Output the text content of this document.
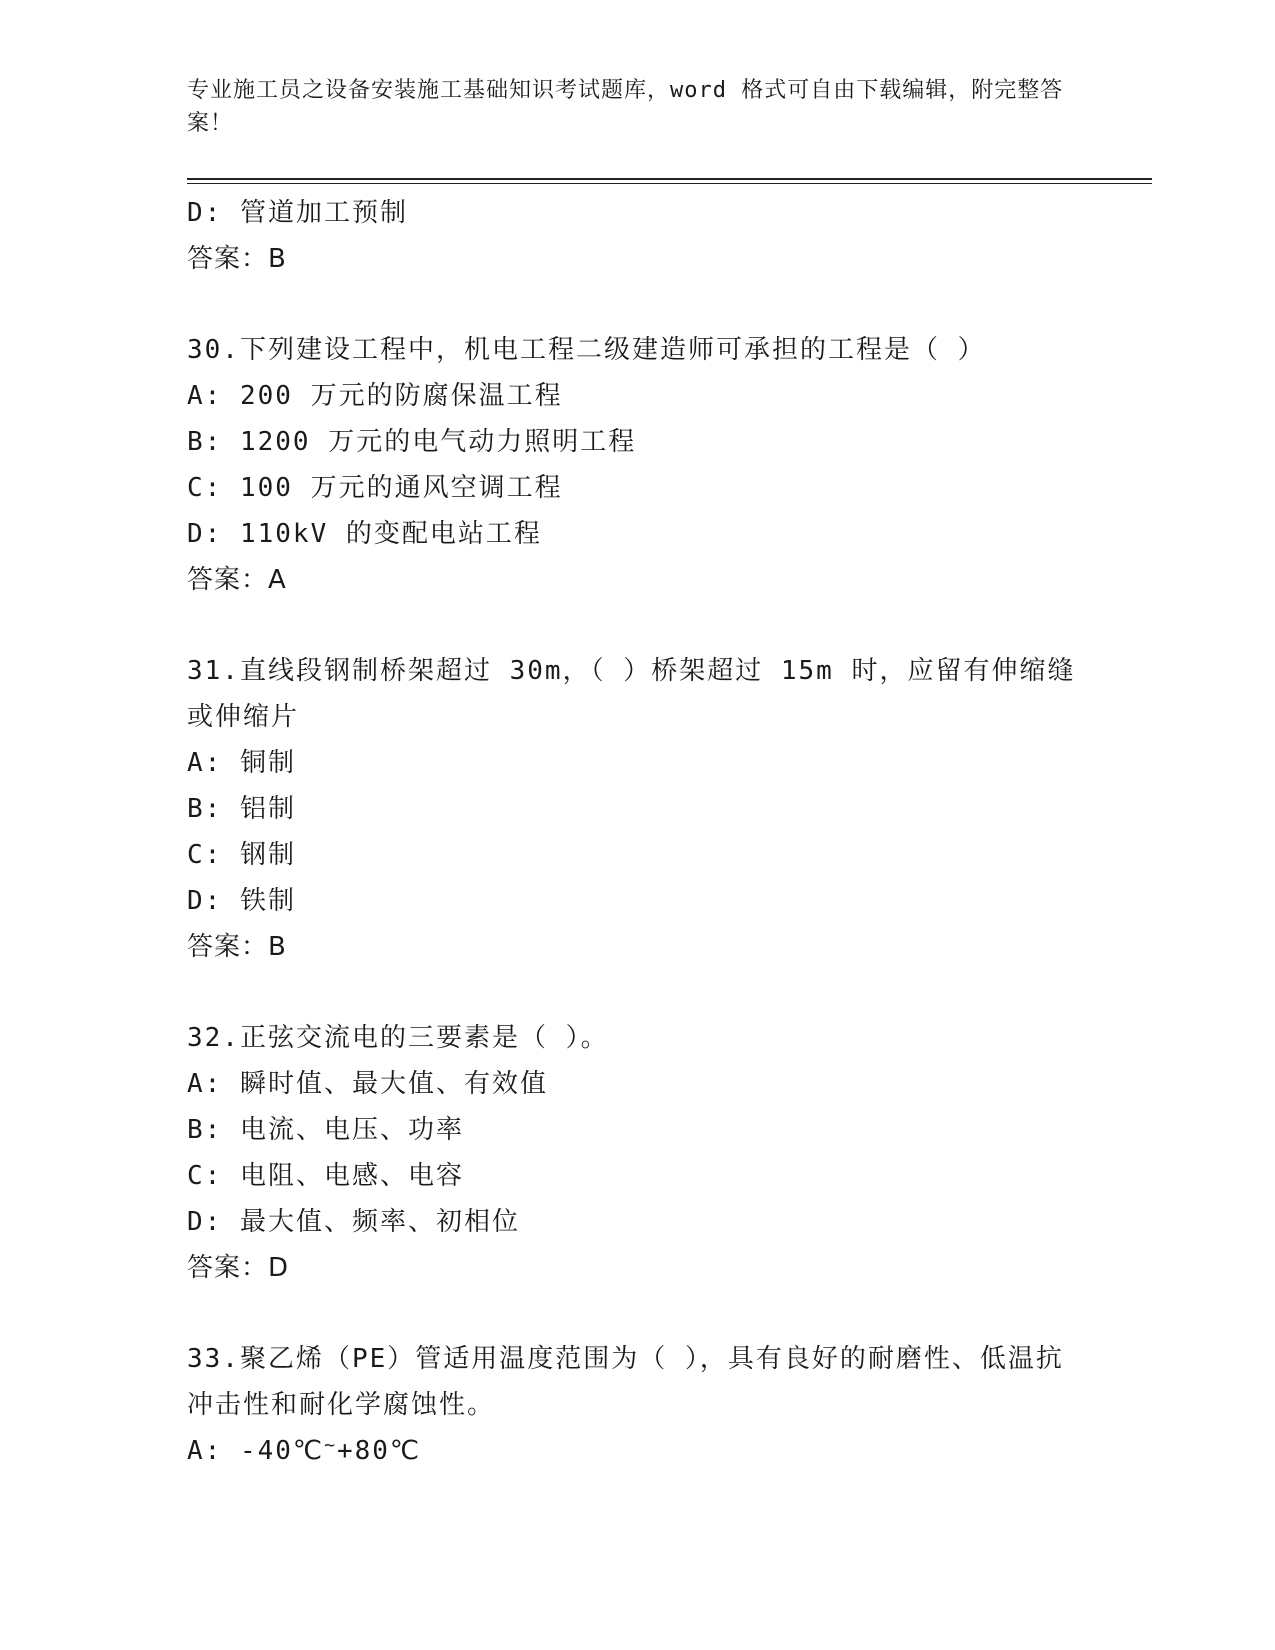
专业施工员之设备安装施工基础知识考试题库，word 格式可自由下载编辑，附完整答案！
D: 管道加工预制
答案：B
30.下列建设工程中，机电工程二级建造师可承担的工程是（ ）
A: 200 万元的防腐保温工程
B: 1200 万元的电气动力照明工程
C: 100 万元的通风空调工程
D: 110kV 的变配电站工程
答案：A
31.直线段钢制桥架超过 30m，（ ）桥架超过 15m 时，应留有伸缩缝或伸缩片
A: 铜制
B: 铝制
C: 钢制
D: 铁制
答案：B
32.正弦交流电的三要素是（ ）。
A: 瞬时值、最大值、有效值
B: 电流、电压、功率
C: 电阻、电感、电容
D: 最大值、频率、初相位
答案：D
33.聚乙烯（PE）管适用温度范围为（ ），具有良好的耐磨性、低温抗冲击性和耐化学腐蚀性。
A: -40℃~+80℃
